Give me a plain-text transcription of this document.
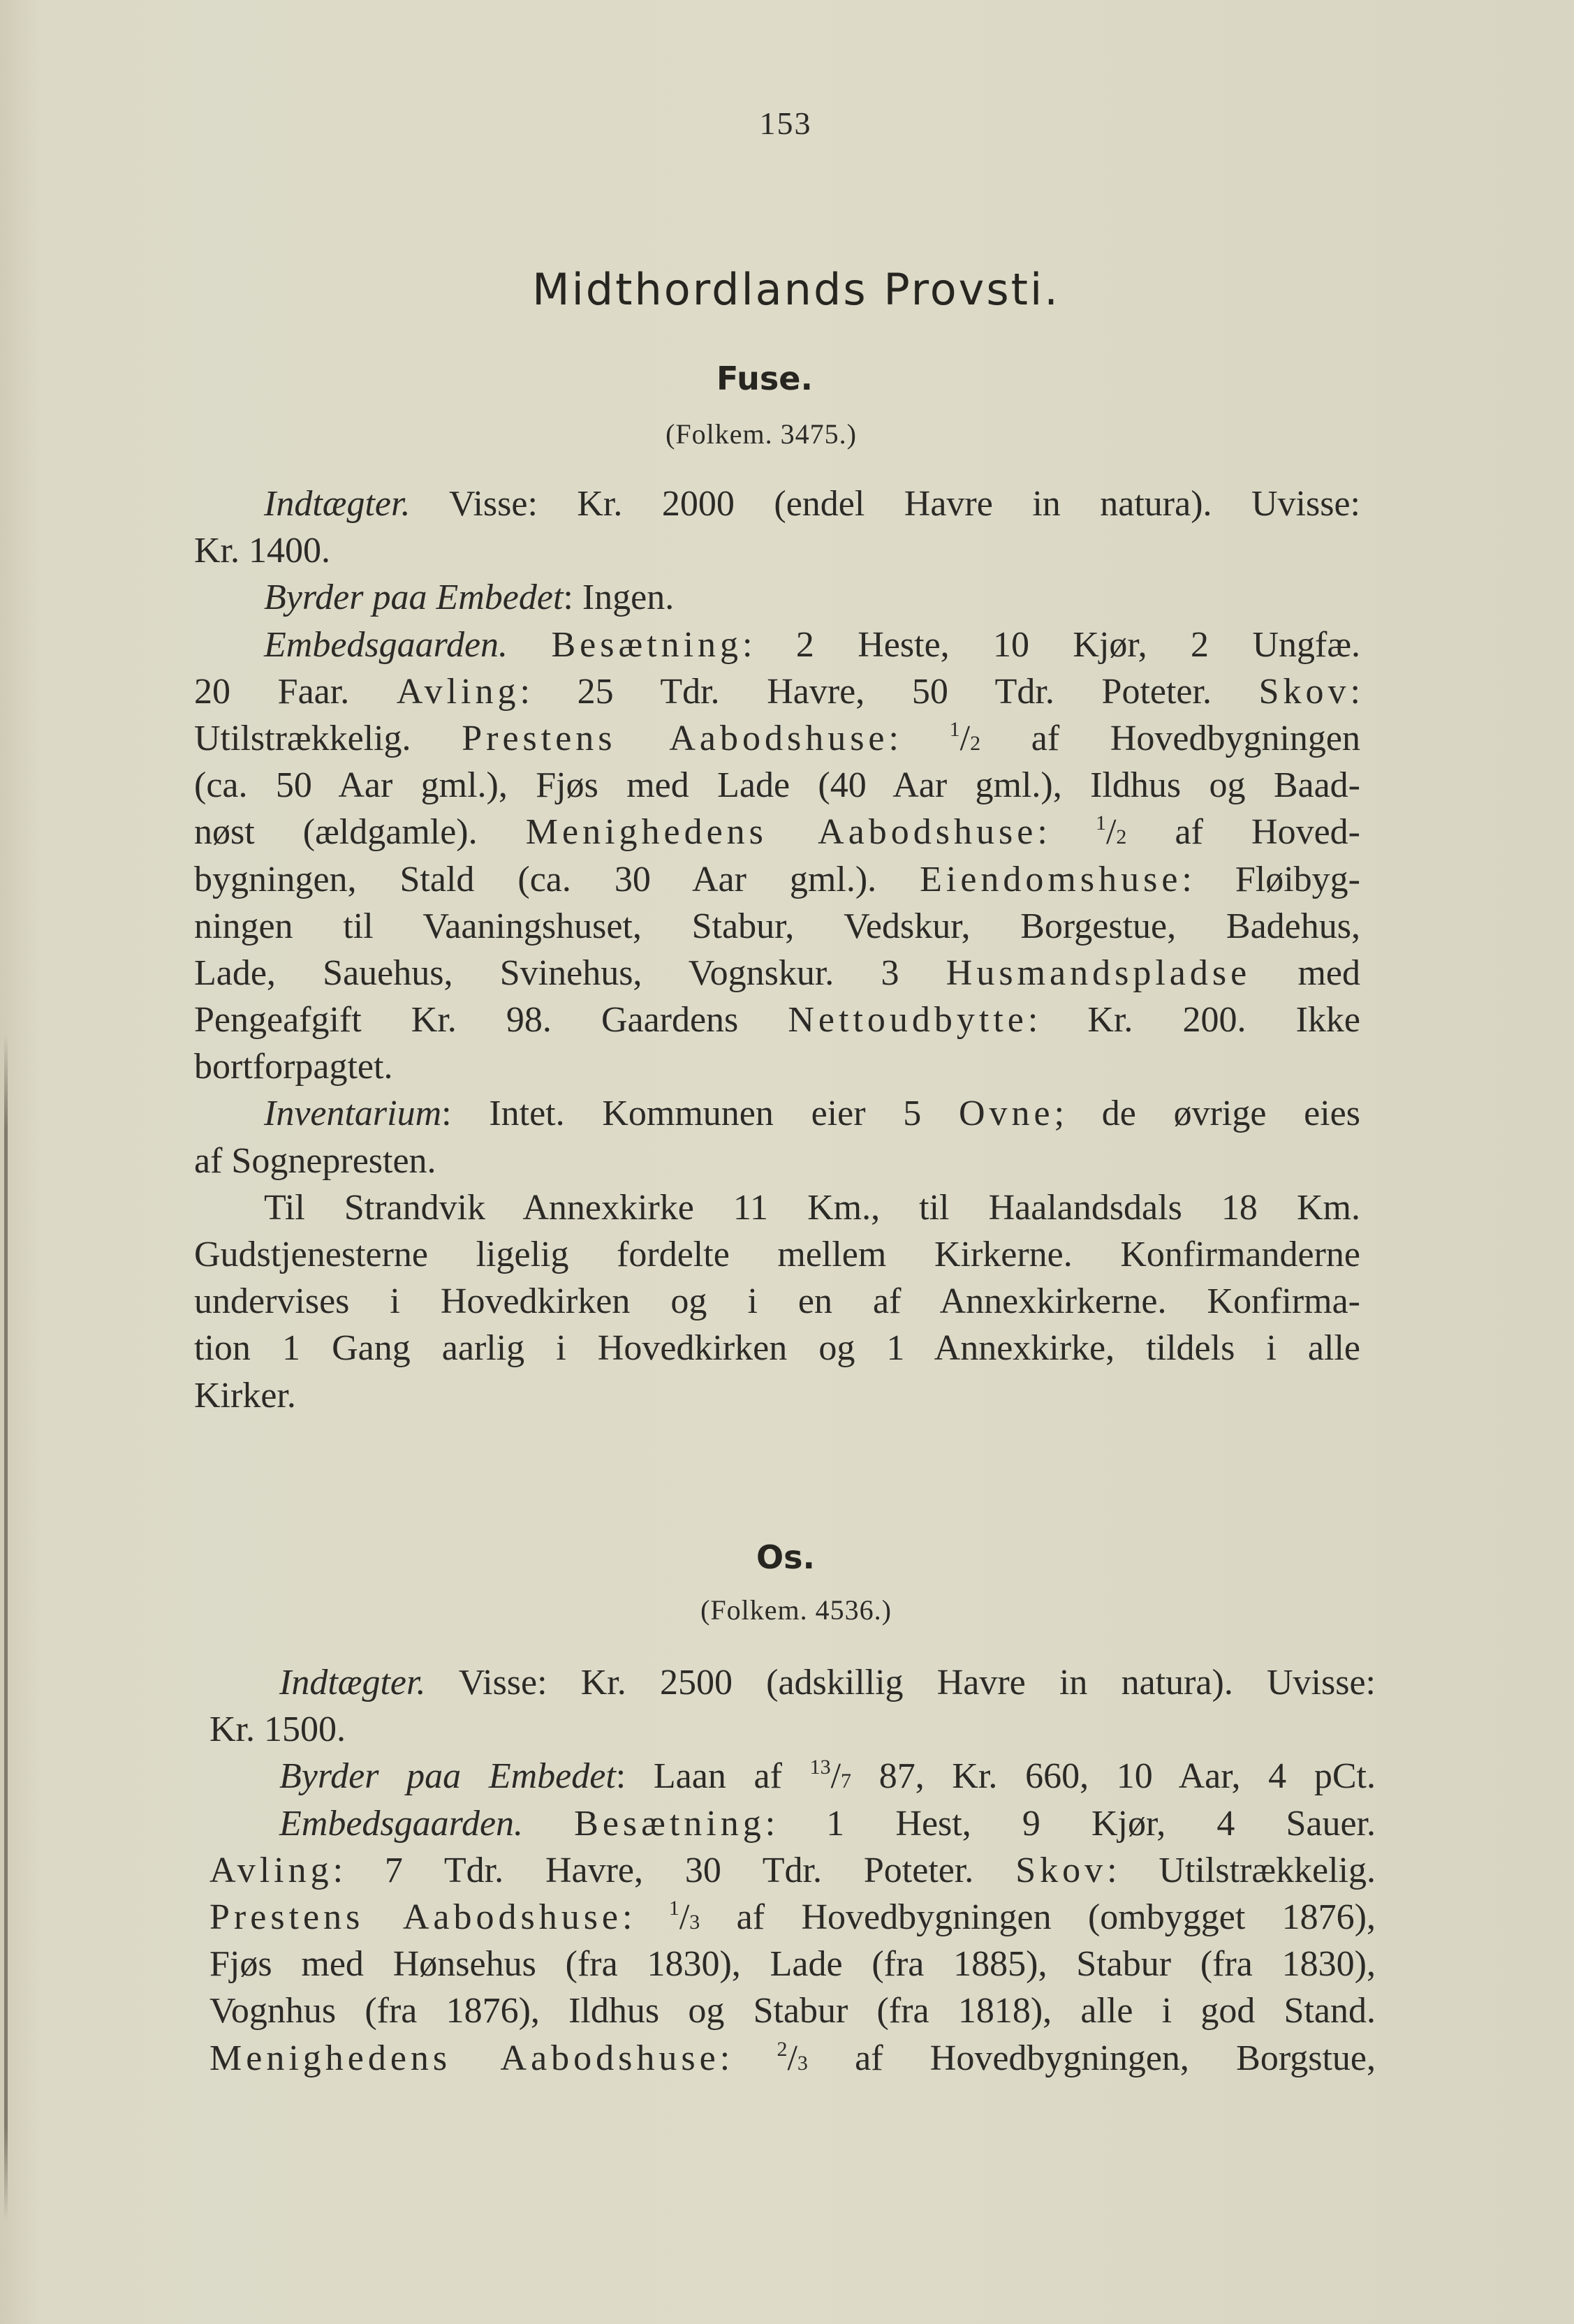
153
Midthordlands Provsti.
Fuse.
(Folkem. 3475.)
Indtægter. Visse: Kr. 2000 (endel Havre in natura). Uvisse:
Kr. 1400.
Byrder paa Embedet: Ingen.
Embedsgaarden. Besætning: 2 Heste, 10 Kjør, 2 Ungfæ.
20 Faar. Avling: 25 Tdr. Havre, 50 Tdr. Poteter. Skov:
Utilstrækkelig. Prestens Aabodshuse: $^1$/2 af Hovedbygningen
(ca. 50 Aar gml.), Fjøs med Lade (40 Aar gml.), Ildhus og Baad-
nøst (ældgamle). Menighedens Aabodshuse: $^1$/2 af Hoved-
bygningen, Stald (ca. 30 Aar gml.). Eiendomshuse: Fløibyg-
ningen til Vaaningshuset, Stabur, Vedskur, Borgestue, Badehus,
Lade, Sauehus, Svinehus, Vognskur. 3 Husmandspladse med
Pengeafgift Kr. 98. Gaardens Nettoudbytte: Kr. 200. Ikke
bortforpagtet.
Inventarium: Intet. Kommunen eier 5 Ovne; de øvrige eies
af Sognepresten.
Til Strandvik Annexkirke 11 Km., til Haalandsdals 18 Km.
Gudstjenesterne ligelig fordelte mellem Kirkerne. Konfirmanderne
undervises i Hovedkirken og i en af Annexkirkerne. Konfirma-
tion 1 Gang aarlig i Hovedkirken og 1 Annexkirke, tildels i alle
Kirker.
Os.
(Folkem. 4536.)
Indtægter. Visse: Kr. 2500 (adskillig Havre in natura). Uvisse:
Kr. 1500.
Byrder paa Embedet: Laan af $^{13}$/7 87, Kr. 660, 10 Aar, 4 pCt.
Embedsgaarden. Besætning: 1 Hest, 9 Kjør, 4 Sauer.
Avling: 7 Tdr. Havre, 30 Tdr. Poteter. Skov: Utilstrækkelig.
Prestens Aabodshuse: $^1$/3 af Hovedbygningen (ombygget 1876),
Fjøs med Hønsehus (fra 1830), Lade (fra 1885), Stabur (fra 1830),
Vognhus (fra 1876), Ildhus og Stabur (fra 1818), alle i god Stand.
Menighedens Aabodshuse: $^2$/3 af Hovedbygningen, Borgstue,
